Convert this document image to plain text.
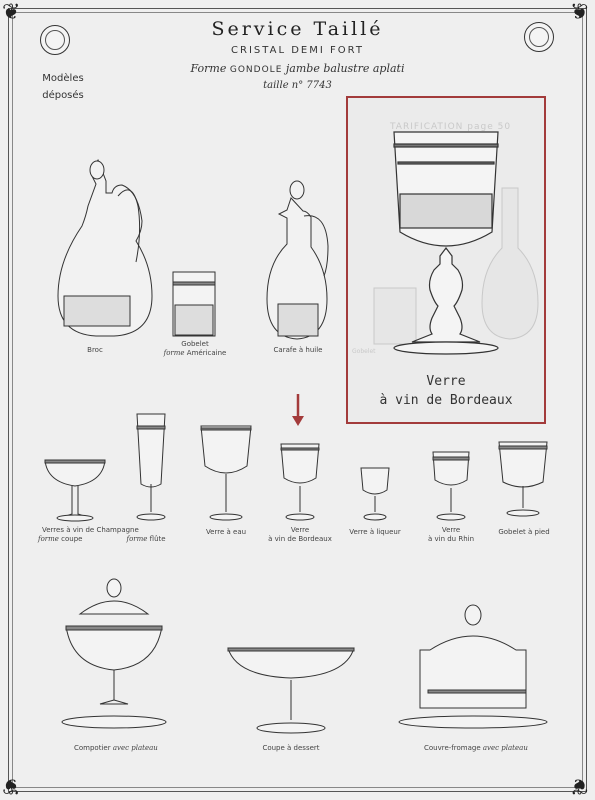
❦	❦
❦	❦
Service Taillé
CRISTAL DEMI FORT
Forme GONDOLE jambe balustre aplati
taille n° 7743
Modèles
déposés
Broc
Gobelet
forme Américaine	Carafe à huile
TARIFICATION page 50
Gobelet
Verre
à vin de Bordeaux
Verres à vin de Champagne
forme coupe	forme flûte
Verre à eau	Verre
à vin de Bordeaux
Verre à liqueur	Verre
à vin du Rhin
Gobelet à pied
Compotier avec plateau	Coupe à dessert	Couvre-fromage avec plateau
